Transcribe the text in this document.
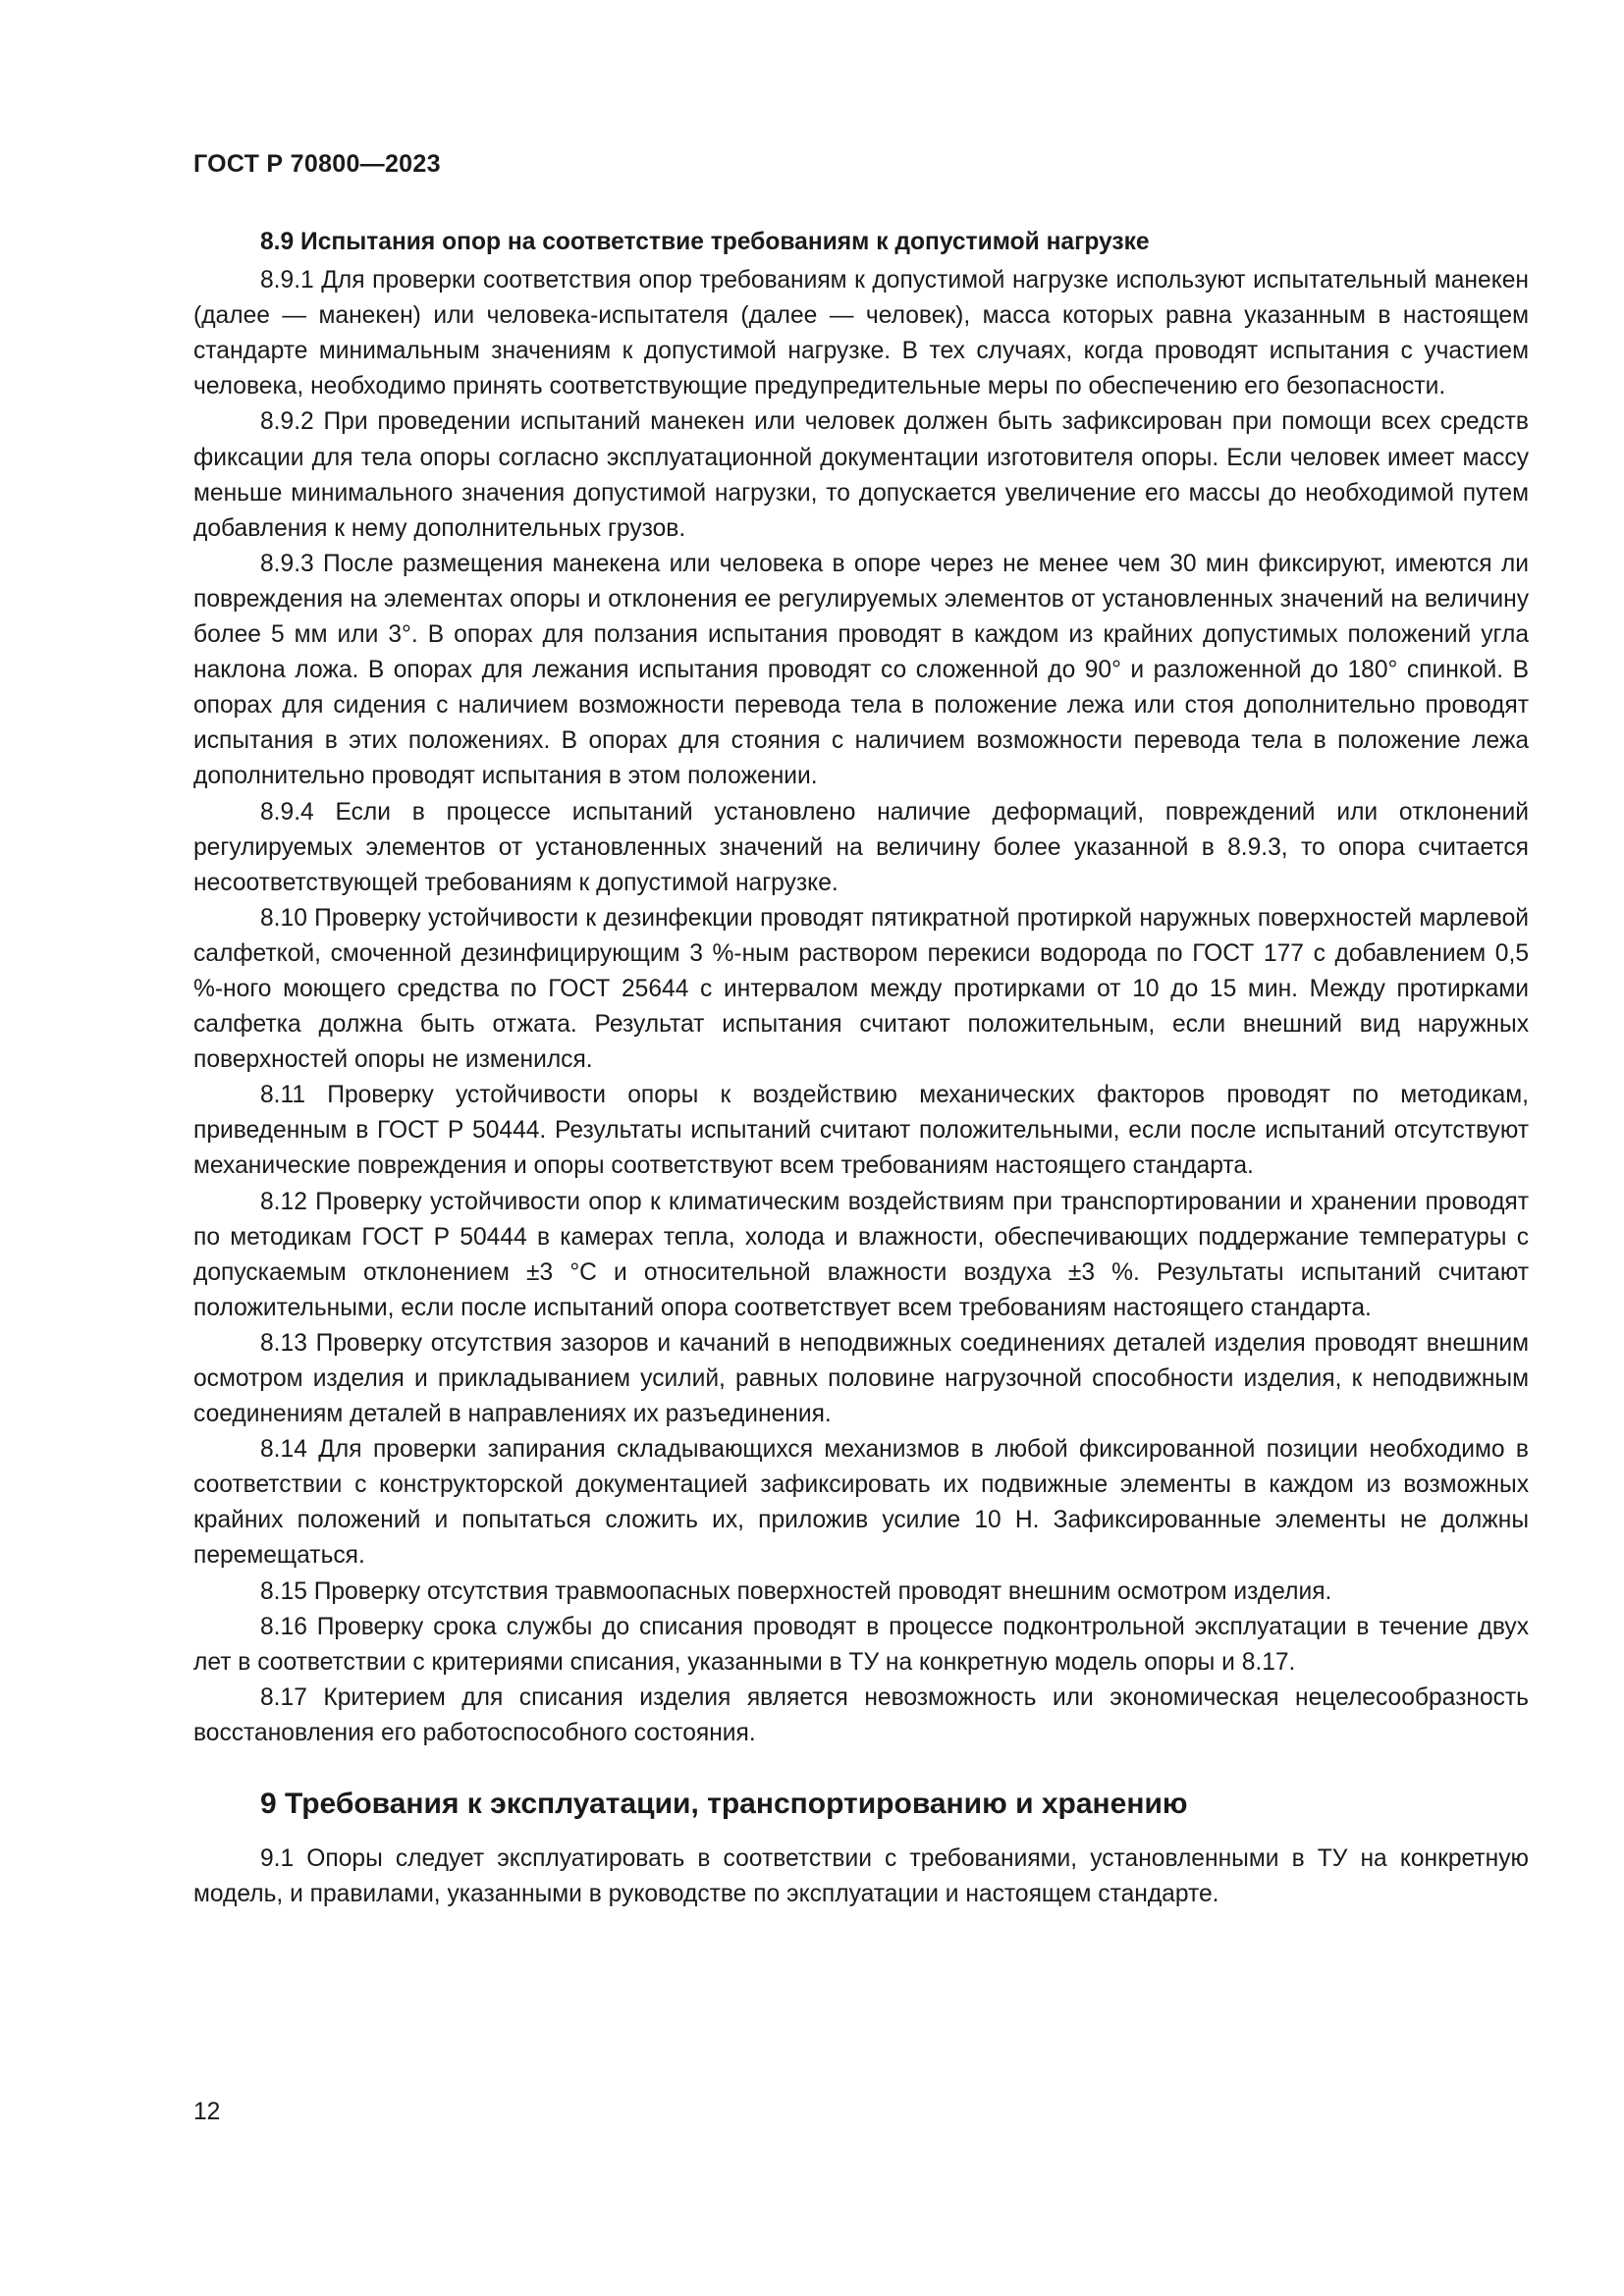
ГОСТ Р 70800—2023

8.9 Испытания опор на соответствие требованиям к допустимой нагрузке

8.9.1 Для проверки соответствия опор требованиям к допустимой нагрузке используют испытательный манекен (далее — манекен) или человека-испытателя (далее — человек), масса которых равна указанным в настоящем стандарте минимальным значениям к допустимой нагрузке. В тех случаях, когда проводят испытания с участием человека, необходимо принять соответствующие предупредительные меры по обеспечению его безопасности.

8.9.2 При проведении испытаний манекен или человек должен быть зафиксирован при помощи всех средств фиксации для тела опоры согласно эксплуатационной документации изготовителя опоры. Если человек имеет массу меньше минимального значения допустимой нагрузки, то допускается увеличение его массы до необходимой путем добавления к нему дополнительных грузов.

8.9.3 После размещения манекена или человека в опоре через не менее чем 30 мин фиксируют, имеются ли повреждения на элементах опоры и отклонения ее регулируемых элементов от установленных значений на величину более 5 мм или 3°. В опорах для ползания испытания проводят в каждом из крайних допустимых положений угла наклона ложа. В опорах для лежания испытания проводят со сложенной до 90° и разложенной до 180° спинкой. В опорах для сидения с наличием возможности перевода тела в положение лежа или стоя дополнительно проводят испытания в этих положениях. В опорах для стояния с наличием возможности перевода тела в положение лежа дополнительно проводят испытания в этом положении.

8.9.4 Если в процессе испытаний установлено наличие деформаций, повреждений или отклонений регулируемых элементов от установленных значений на величину более указанной в 8.9.3, то опора считается несоответствующей требованиям к допустимой нагрузке.

8.10 Проверку устойчивости к дезинфекции проводят пятикратной протиркой наружных поверхностей марлевой салфеткой, смоченной дезинфицирующим 3 %-ным раствором перекиси водорода по ГОСТ 177 с добавлением 0,5 %-ного моющего средства по ГОСТ 25644 с интервалом между протирками от 10 до 15 мин. Между протирками салфетка должна быть отжата. Результат испытания считают положительным, если внешний вид наружных поверхностей опоры не изменился.

8.11 Проверку устойчивости опоры к воздействию механических факторов проводят по методикам, приведенным в ГОСТ Р 50444. Результаты испытаний считают положительными, если после испытаний отсутствуют механические повреждения и опоры соответствуют всем требованиям настоящего стандарта.

8.12 Проверку устойчивости опор к климатическим воздействиям при транспортировании и хранении проводят по методикам ГОСТ Р 50444 в камерах тепла, холода и влажности, обеспечивающих поддержание температуры с допускаемым отклонением ±3 °С и относительной влажности воздуха ±3 %. Результаты испытаний считают положительными, если после испытаний опора соответствует всем требованиям настоящего стандарта.

8.13 Проверку отсутствия зазоров и качаний в неподвижных соединениях деталей изделия проводят внешним осмотром изделия и прикладыванием усилий, равных половине нагрузочной способности изделия, к неподвижным соединениям деталей в направлениях их разъединения.

8.14 Для проверки запирания складывающихся механизмов в любой фиксированной позиции необходимо в соответствии с конструкторской документацией зафиксировать их подвижные элементы в каждом из возможных крайних положений и попытаться сложить их, приложив усилие 10 Н. Зафиксированные элементы не должны перемещаться.

8.15 Проверку отсутствия травмоопасных поверхностей проводят внешним осмотром изделия.

8.16 Проверку срока службы до списания проводят в процессе подконтрольной эксплуатации в течение двух лет в соответствии с критериями списания, указанными в ТУ на конкретную модель опоры и 8.17.

8.17 Критерием для списания изделия является невозможность или экономическая нецелесообразность восстановления его работоспособного состояния.

9 Требования к эксплуатации, транспортированию и хранению

9.1 Опоры следует эксплуатировать в соответствии с требованиями, установленными в ТУ на конкретную модель, и правилами, указанными в руководстве по эксплуатации и настоящем стандарте.

12
